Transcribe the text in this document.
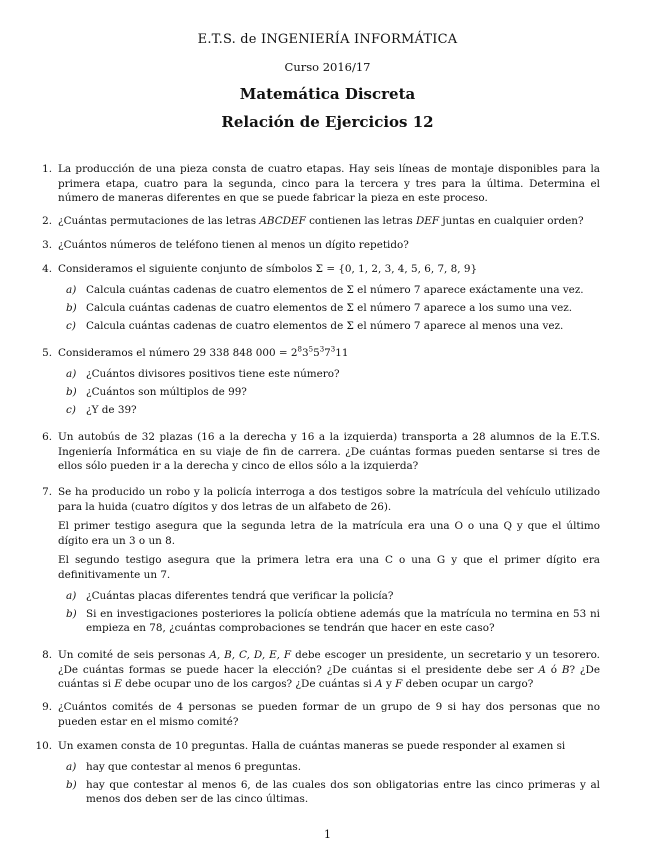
E.T.S. de INGENIERÍA INFORMÁTICA
Curso 2016/17
Matemática Discreta
Relación de Ejercicios 12
1. La producción de una pieza consta de cuatro etapas. Hay seis líneas de montaje disponibles para la primera etapa, cuatro para la segunda, cinco para la tercera y tres para la última. Determina el número de maneras diferentes en que se puede fabricar la pieza en este proceso.
2. ¿Cuántas permutaciones de las letras ABCDEF contienen las letras DEF juntas en cualquier orden?
3. ¿Cuántos números de teléfono tienen al menos un dígito repetido?
4. Consideramos el siguiente conjunto de símbolos Σ = {0, 1, 2, 3, 4, 5, 6, 7, 8, 9}
a) Calcula cuántas cadenas de cuatro elementos de Σ el número 7 aparece exáctamente una vez.
b) Calcula cuántas cadenas de cuatro elementos de Σ el número 7 aparece a los sumo una vez.
c) Calcula cuántas cadenas de cuatro elementos de Σ el número 7 aparece al menos una vez.
5. Consideramos el número 29 338 848 $000 = 2^83^55^37^311$
a) ¿Cuántos divisores positivos tiene este número?
b) ¿Cuántos son múltiplos de 99?
c) ¿Y de 39?
6. Un autobús de 32 plazas (16 a la derecha y 16 a la izquierda) transporta a 28 alumnos de la E.T.S. Ingeniería Informática en su viaje de fin de carrera. ¿De cuántas formas pueden sentarse si tres de ellos sólo pueden ir a la derecha y cinco de ellos sólo a la izquierda?
7. Se ha producido un robo y la policía interroga a dos testigos sobre la matrícula del vehículo utilizado para la huida (cuatro dígitos y dos letras de un alfabeto de 26).
El primer testigo asegura que la segunda letra de la matrícula era una O o una Q y que el último dígito era un 3 o un 8.
El segundo testigo asegura que la primera letra era una C o una G y que el primer dígito era definitivamente un 7.
a) ¿Cuántas placas diferentes tendrá que verificar la policía?
b) Si en investigaciones posteriores la policía obtiene además que la matrícula no termina en 53 ni empieza en 78, ¿cuántas comprobaciones se tendrán que hacer en este caso?
8. Un comité de seis personas A, B, C, D, E, F debe escoger un presidente, un secretario y un tesorero. ¿De cuántas formas se puede hacer la elección? ¿De cuántas si el presidente debe ser A ó B? ¿De cuántas si E debe ocupar uno de los cargos? ¿De cuántas si A y F deben ocupar un cargo?
9. ¿Cuántos comités de 4 personas se pueden formar de un grupo de 9 si hay dos personas que no pueden estar en el mismo comité?
10. Un examen consta de 10 preguntas. Halla de cuántas maneras se puede responder al examen si
a) hay que contestar al menos 6 preguntas.
b) hay que contestar al menos 6, de las cuales dos son obligatorias entre las cinco primeras y al menos dos deben ser de las cinco últimas.
1
